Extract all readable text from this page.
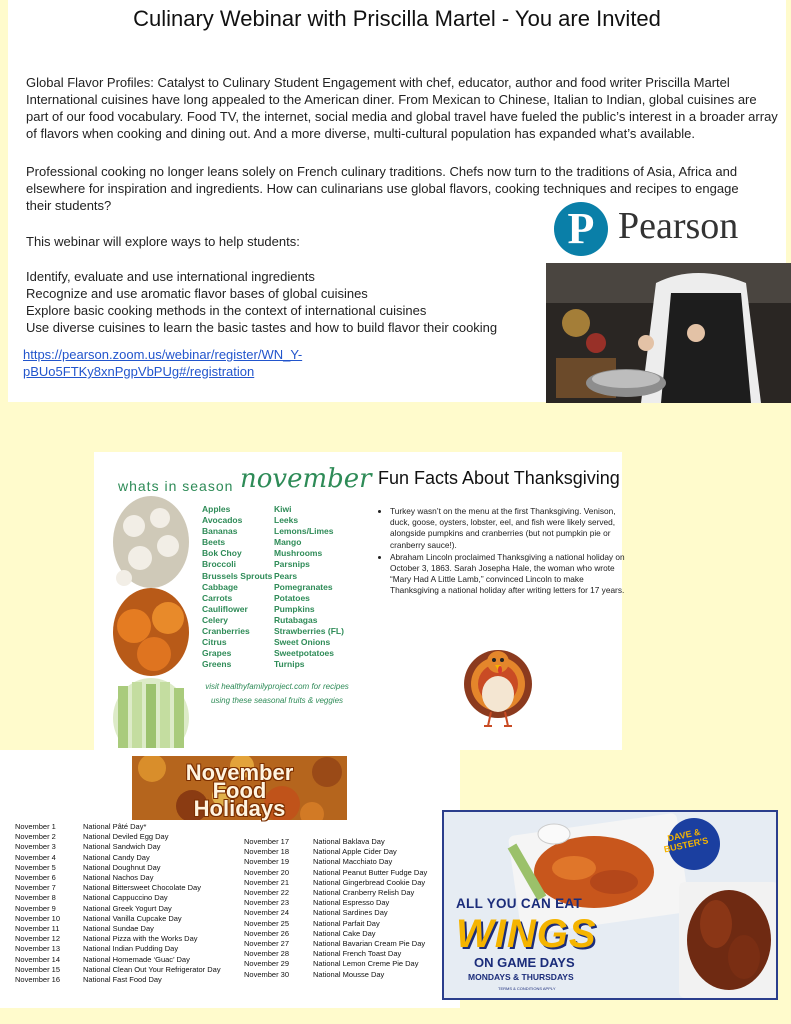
Culinary Webinar with Priscilla Martel - You are Invited
Global Flavor Profiles: Catalyst to Culinary Student Engagement with chef, educator, author and food writer Priscilla Martel International cuisines have long appealed to the American diner. From Mexican to Chinese, Italian to Indian, global cuisines are part of our food vocabulary. Food TV, the internet, social media and global travel have fueled the public’s interest in a broader array of flavors when cooking and dining out. And a more diverse, multi-cultural population has expanded what’s available.
Professional cooking no longer leans solely on French culinary traditions. Chefs now turn to the traditions of Asia, Africa and elsewhere for inspiration and ingredients. How can culinarians use global flavors, cooking techniques and recipes to engage their students?
This webinar will explore ways to help students:
Identify, evaluate and use international ingredients
Recognize and use aromatic flavor bases of global cuisines
Explore basic cooking methods in the context of international cuisines
Use diverse cuisines to learn the basic tastes and how to build flavor their cooking
https://pearson.zoom.us/webinar/register/WN_Y-pBUo5FTKy8xnPgpVbPUg#/registration
P Pearson
whats in season november
Apples
Avocados
Bananas
Beets
Bok Choy
Broccoli
Brussels Sprouts
Cabbage
Carrots
Cauliflower
Celery
Cranberries
Citrus
Grapes
Greens
Kiwi
Leeks
Lemons/Limes
Mango
Mushrooms
Parsnips
Pears
Pomegranates
Potatoes
Pumpkins
Rutabagas
Strawberries (FL)
Sweet Onions
Sweetpotatoes
Turnips
visit healthyfamilyproject.com for recipes
using these seasonal fruits & veggies
Fun Facts About Thanksgiving
• Turkey wasn’t on the menu at the first Thanksgiving. Venison, duck, goose, oysters, lobster, eel, and fish were likely served, alongside pumpkins and cranberries (but not pumpkin pie or cranberry sauce!).
• Abraham Lincoln proclaimed Thanksgiving a national holiday on October 3, 1863. Sarah Josepha Hale, the woman who wrote “Mary Had A Little Lamb,” convinced Lincoln to make Thanksgiving a national holiday after writing letters for 17 years.
November
Food
Holidays
November 1	National Pâté Day*
November 2	National Deviled Egg Day
November 3	National Sandwich Day
November 4	National Candy Day
November 5	National Doughnut Day
November 6	National Nachos Day
November 7	National Bittersweet Chocolate Day
November 8	National Cappuccino Day
November 9	National Greek Yogurt Day
November 10	National Vanilla Cupcake Day
November 11	National Sundae Day
November 12	National Pizza with the Works Day
November 13	National Indian Pudding Day
November 14	National Homemade ‘Guac’ Day
November 15	National Clean Out Your Refrigerator Day
November 16	National Fast Food Day
November 17	National Baklava Day
November 18	National Apple Cider Day
November 19	National Macchiato Day
November 20	National Peanut Butter Fudge Day
November 21	National Gingerbread Cookie Day
November 22	National Cranberry Relish Day
November 23	National Espresso Day
November 24	National Sardines Day
November 25	National Parfait Day
November 26	National Cake Day
November 27	National Bavarian Cream Pie Day
November 28	National French Toast Day
November 29	National Lemon Creme Pie Day
November 30	National Mousse Day
DAVE & BUSTER'S
ALL YOU CAN EAT
WINGS
ON GAME DAYS
MONDAYS & THURSDAYS
TERMS & CONDITIONS APPLY
